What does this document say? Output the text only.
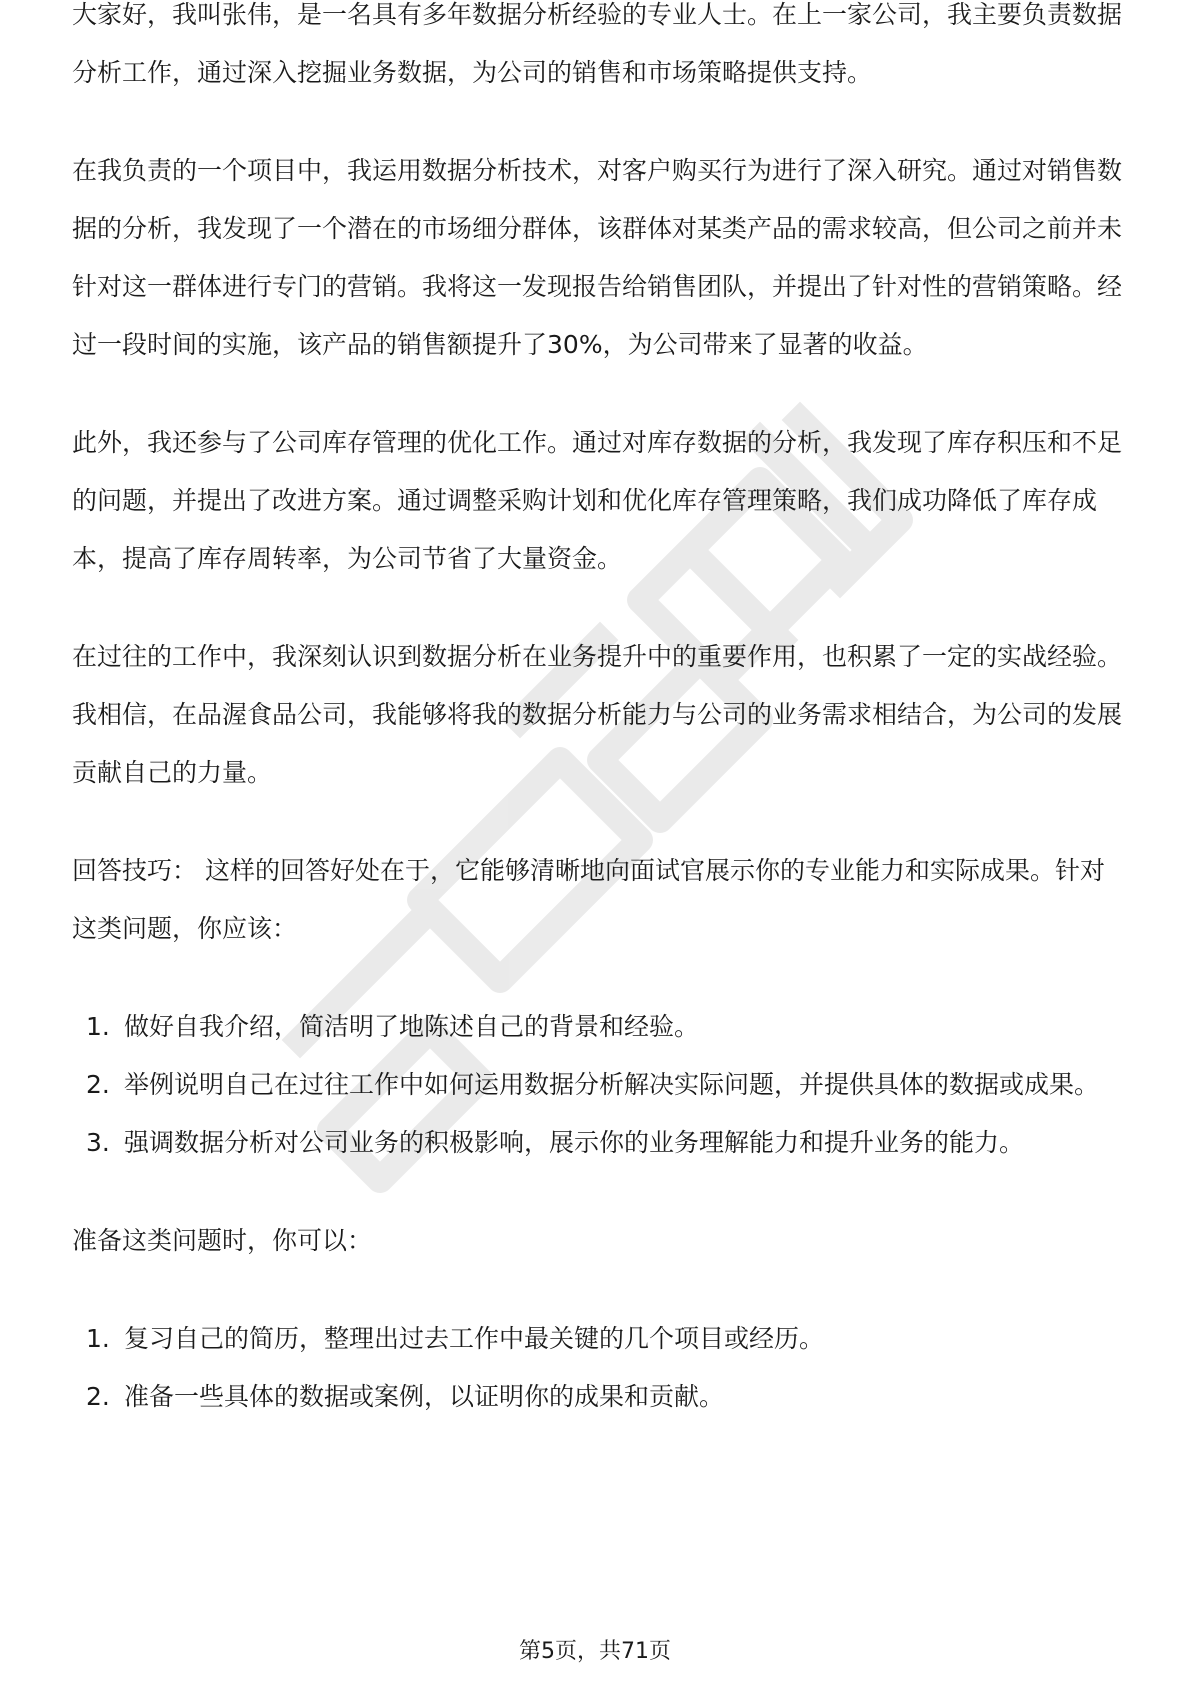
大家好，我叫张伟，是一名具有多年数据分析经验的专业人士。在上一家公司，我主要负责数据分析工作，通过深入挖掘业务数据，为公司的销售和市场策略提供支持。

在我负责的一个项目中，我运用数据分析技术，对客户购买行为进行了深入研究。通过对销售数据的分析，我发现了一个潜在的市场细分群体，该群体对某类产品的需求较高，但公司之前并未针对这一群体进行专门的营销。我将这一发现报告给销售团队，并提出了针对性的营销策略。经过一段时间的实施，该产品的销售额提升了30%，为公司带来了显著的收益。

此外，我还参与了公司库存管理的优化工作。通过对库存数据的分析，我发现了库存积压和不足的问题，并提出了改进方案。通过调整采购计划和优化库存管理策略，我们成功降低了库存成本，提高了库存周转率，为公司节省了大量资金。

在过往的工作中，我深刻认识到数据分析在业务提升中的重要作用，也积累了一定的实战经验。我相信，在品渥食品公司，我能够将我的数据分析能力与公司的业务需求相结合，为公司的发展贡献自己的力量。

回答技巧： 这样的回答好处在于，它能够清晰地向面试官展示你的专业能力和实际成果。针对这类问题，你应该：

1. 做好自我介绍，简洁明了地陈述自己的背景和经验。
2. 举例说明自己在过往工作中如何运用数据分析解决实际问题，并提供具体的数据或成果。
3. 强调数据分析对公司业务的积极影响，展示你的业务理解能力和提升业务的能力。

准备这类问题时，你可以：

1. 复习自己的简历，整理出过去工作中最关键的几个项目或经历。
2. 准备一些具体的数据或案例，以证明你的成果和贡献。
第5页，共71页
